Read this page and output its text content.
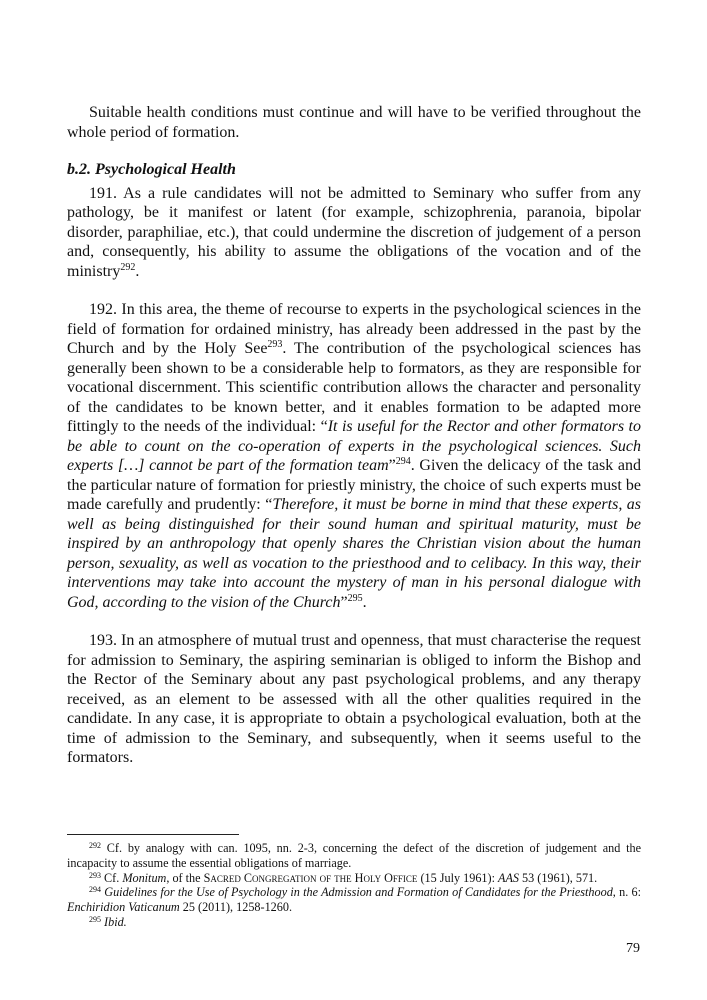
Suitable health conditions must continue and will have to be verified throughout the whole period of formation.

b.2. Psychological Health

191. As a rule candidates will not be admitted to Seminary who suffer from any pathology, be it manifest or latent (for example, schizophrenia, paranoia, bipolar disorder, paraphiliae, etc.), that could undermine the discretion of judgement of a person and, consequently, his ability to assume the obligations of the vocation and of the ministry$^{292}$.

192. In this area, the theme of recourse to experts in the psychological sciences in the field of formation for ordained ministry, has already been addressed in the past by the Church and by the Holy See$^{293}$. The contribution of the psychological sciences has generally been shown to be a considerable help to formators, as they are responsible for vocational discernment. This scientific contribution allows the character and personality of the candidates to be known better, and it enables formation to be adapted more fittingly to the needs of the individual: “It is useful for the Rector and other formators to be able to count on the co-operation of experts in the psychological sciences. Such experts […] cannot be part of the formation team”$^{294}$. Given the delicacy of the task and the particular nature of formation for priestly ministry, the choice of such experts must be made carefully and prudently: “Therefore, it must be borne in mind that these experts, as well as being distinguished for their sound human and spiritual maturity, must be inspired by an anthropology that openly shares the Christian vision about the human person, sexuality, as well as vocation to the priesthood and to celibacy. In this way, their interventions may take into account the mystery of man in his personal dialogue with God, according to the vision of the Church”$^{295}$.

193. In an atmosphere of mutual trust and openness, that must characterise the request for admission to Seminary, the aspiring seminarian is obliged to inform the Bishop and the Rector of the Seminary about any past psychological problems, and any therapy received, as an element to be assessed with all the other qualities required in the candidate. In any case, it is appropriate to obtain a psychological evaluation, both at the time of admission to the Seminary, and subsequently, when it seems useful to the formators.

$^{292}$ Cf. by analogy with can. 1095, nn. 2-3, concerning the defect of the discretion of judgement and the incapacity to assume the essential obligations of marriage.

$^{293}$ Cf. Monitum, of the Sacred Congregation of the Holy Office (15 July 1961): AAS 53 (1961), 571.

$^{294}$ Guidelines for the Use of Psychology in the Admission and Formation of Candidates for the Priesthood, n. 6: Enchiridion Vaticanum 25 (2011), 1258-1260.

$^{295}$ Ibid.

79
